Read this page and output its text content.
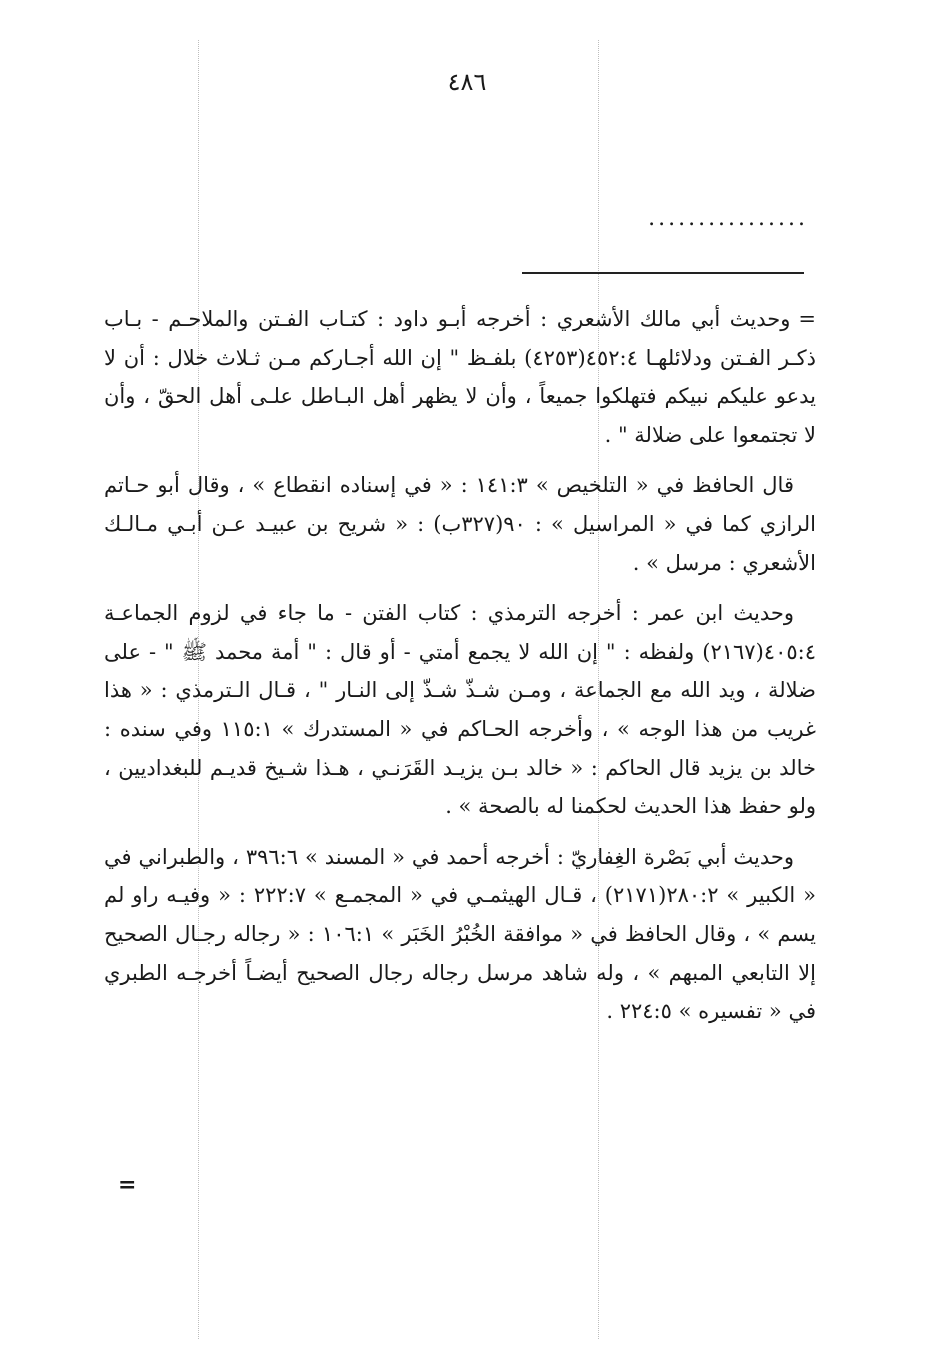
٤٨٦
................

=وحديث أبي مالك الأشعري : أخرجه أبـو داود : كتـاب الفـتن والملاحـم - بـاب ذكـر الفـتن ودلائلهـا ٤٥٢:٤(٤٢٥٣) بلفـظ " إن الله أجـاركم مـن ثـلاث خلال : أن لا يدعو عليكم نبيكم فتهلكوا جميعاً ، وأن لا يظهر أهل البـاطل علـى أهل الحقّ ، وأن لا تجتمعوا على ضلالة " .

قال الحافظ في « التلخيص » ١٤١:٣ : « في إسناده انقطاع » ، وقال أبو حـاتم الرازي كما في « المراسيل » : ٩٠(٣٢٧ب) : « شريح بن عبيـد عـن أبـي مـالـك الأشعري : مرسل » .

وحديث ابن عمر : أخرجه الترمذي : كتاب الفتن - ما جاء في لزوم الجماعـة ٤٠٥:٤(٢١٦٧) ولفظه : " إن الله لا يجمع أمتي - أو قال : " أمة محمد ﷺ " - على ضلالة ، ويد الله مع الجماعة ، ومـن شـذّ شـذّ إلى النـار " ، قـال الـترمذي : « هذا غريب من هذا الوجه » ، وأخرجه الحـاكم في « المستدرك » ١١٥:١ وفي سنده : خالد بن يزيد قال الحاكم : « خالد بـن يزيـد القَرَنـي ، هـذا شـيخ قديـم للبغداديين ، ولو حفظ هذا الحديث لحكمنا له بالصحة » .

وحديث أبي بَصْرة الغِفاريّ : أخرجه أحمد في « المسند » ٣٩٦:٦ ، والطبراني في « الكبير » ٢٨٠:٢(٢١٧١) ، قـال الهيثمـي في « المجمـع » ٢٢٢:٧ : « وفيـه راو لم يسم » ، وقال الحافظ في « موافقة الخُبْرُ الخَبَر » ١٠٦:١ : « رجاله رجـال الصحيح إلا التابعي المبهم » ، وله شاهد مرسل رجاله رجال الصحيح أيضـاً أخرجـه الطبري في « تفسيره » ٢٢٤:٥ .

=
